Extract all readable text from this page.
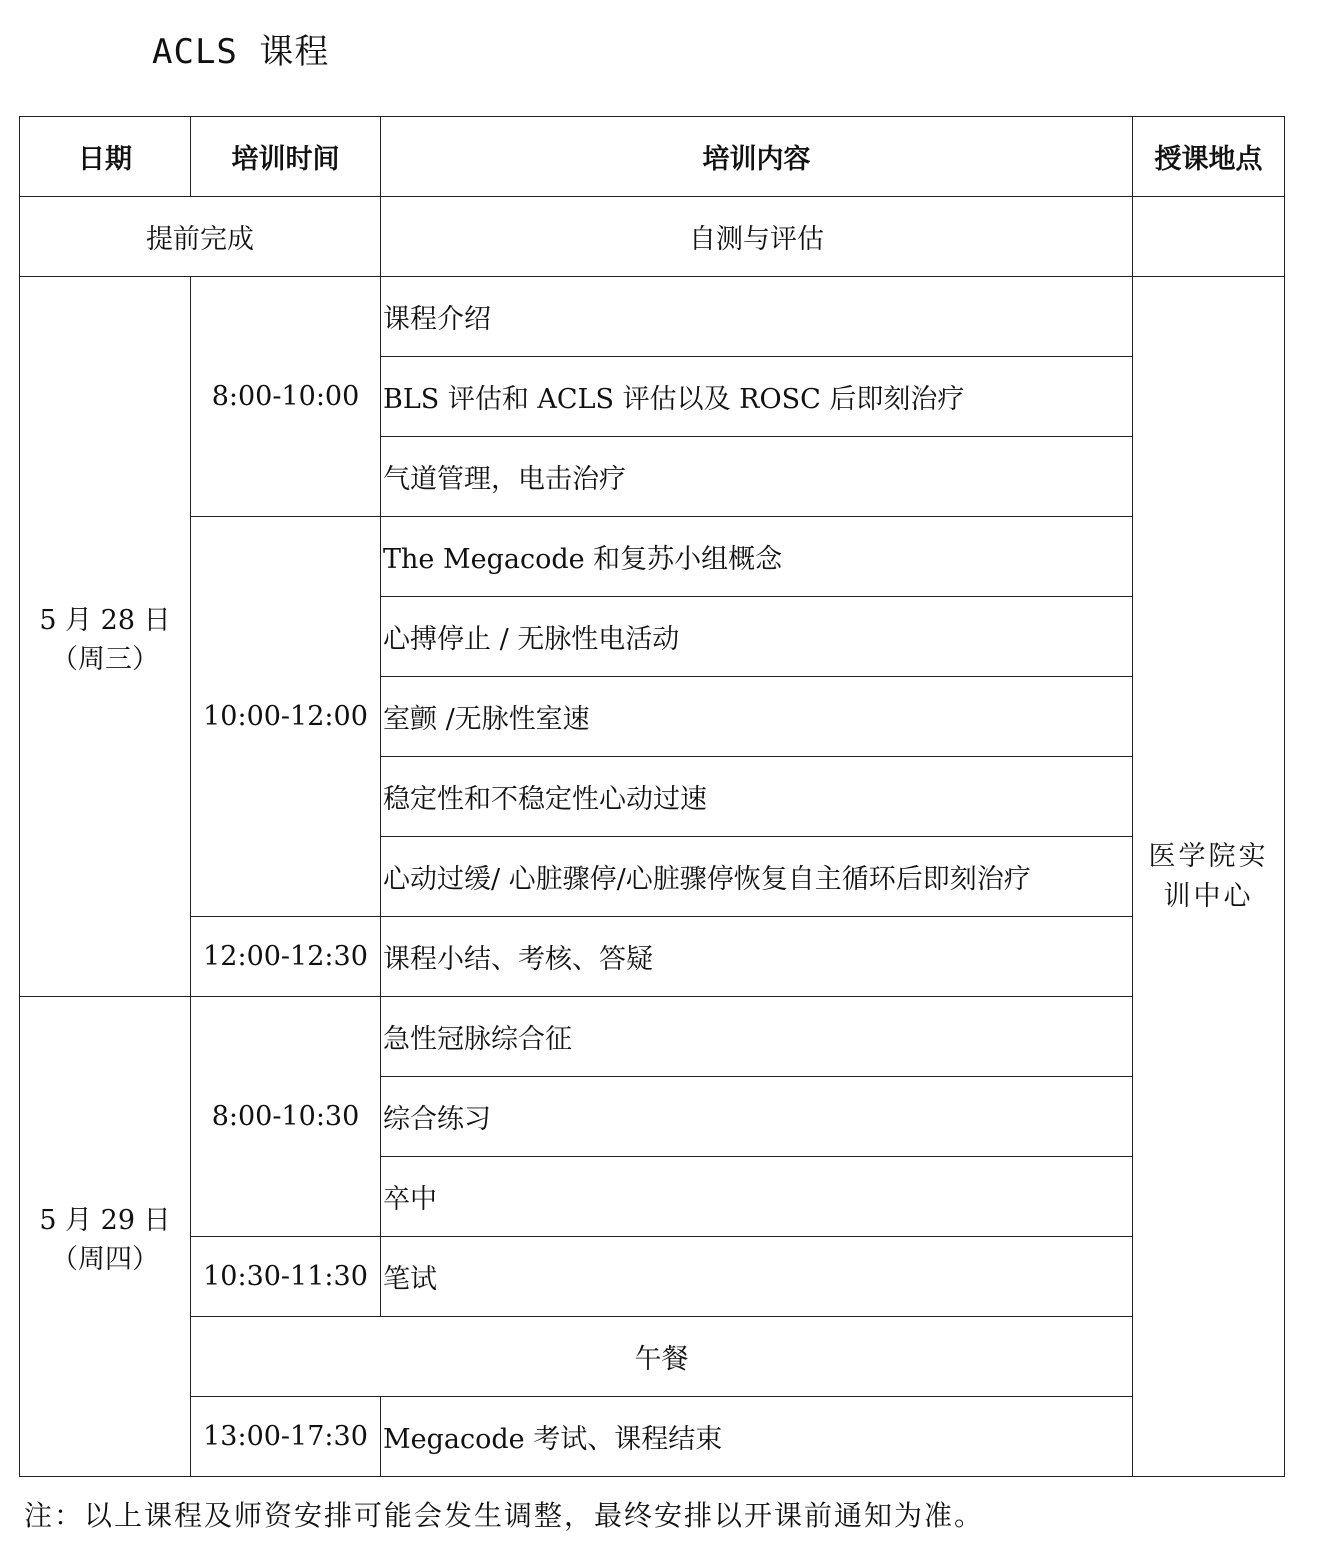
ACLS 课程
日期	培训时间	培训内容	授课地点
提前完成		自测与评估	

5 月 28 日
（周三）	8:00-10:00	课程介绍	医学院实训中心
		BLS 评估和 ACLS 评估以及 ROSC 后即刻治疗	
		气道管理，电击治疗	
	10:00-12:00	The Megacode 和复苏小组概念	
		心搏停止 / 无脉性电活动	
		室颤 /无脉性室速	
		稳定性和不稳定性心动过速	
		心动过缓/ 心脏骤停/心脏骤停恢复自主循环后即刻治疗	
	12:00-12:30	课程小结、考核、答疑	

5 月 29 日
（周四）	8:00-10:30	急性冠脉综合征	
		综合练习	
		卒中	
	10:30-11:30	笔试	
	午餐		
	13:00-17:30	Megacode 考试、课程结束	
注：以上课程及师资安排可能会发生调整，最终安排以开课前通知为准。
